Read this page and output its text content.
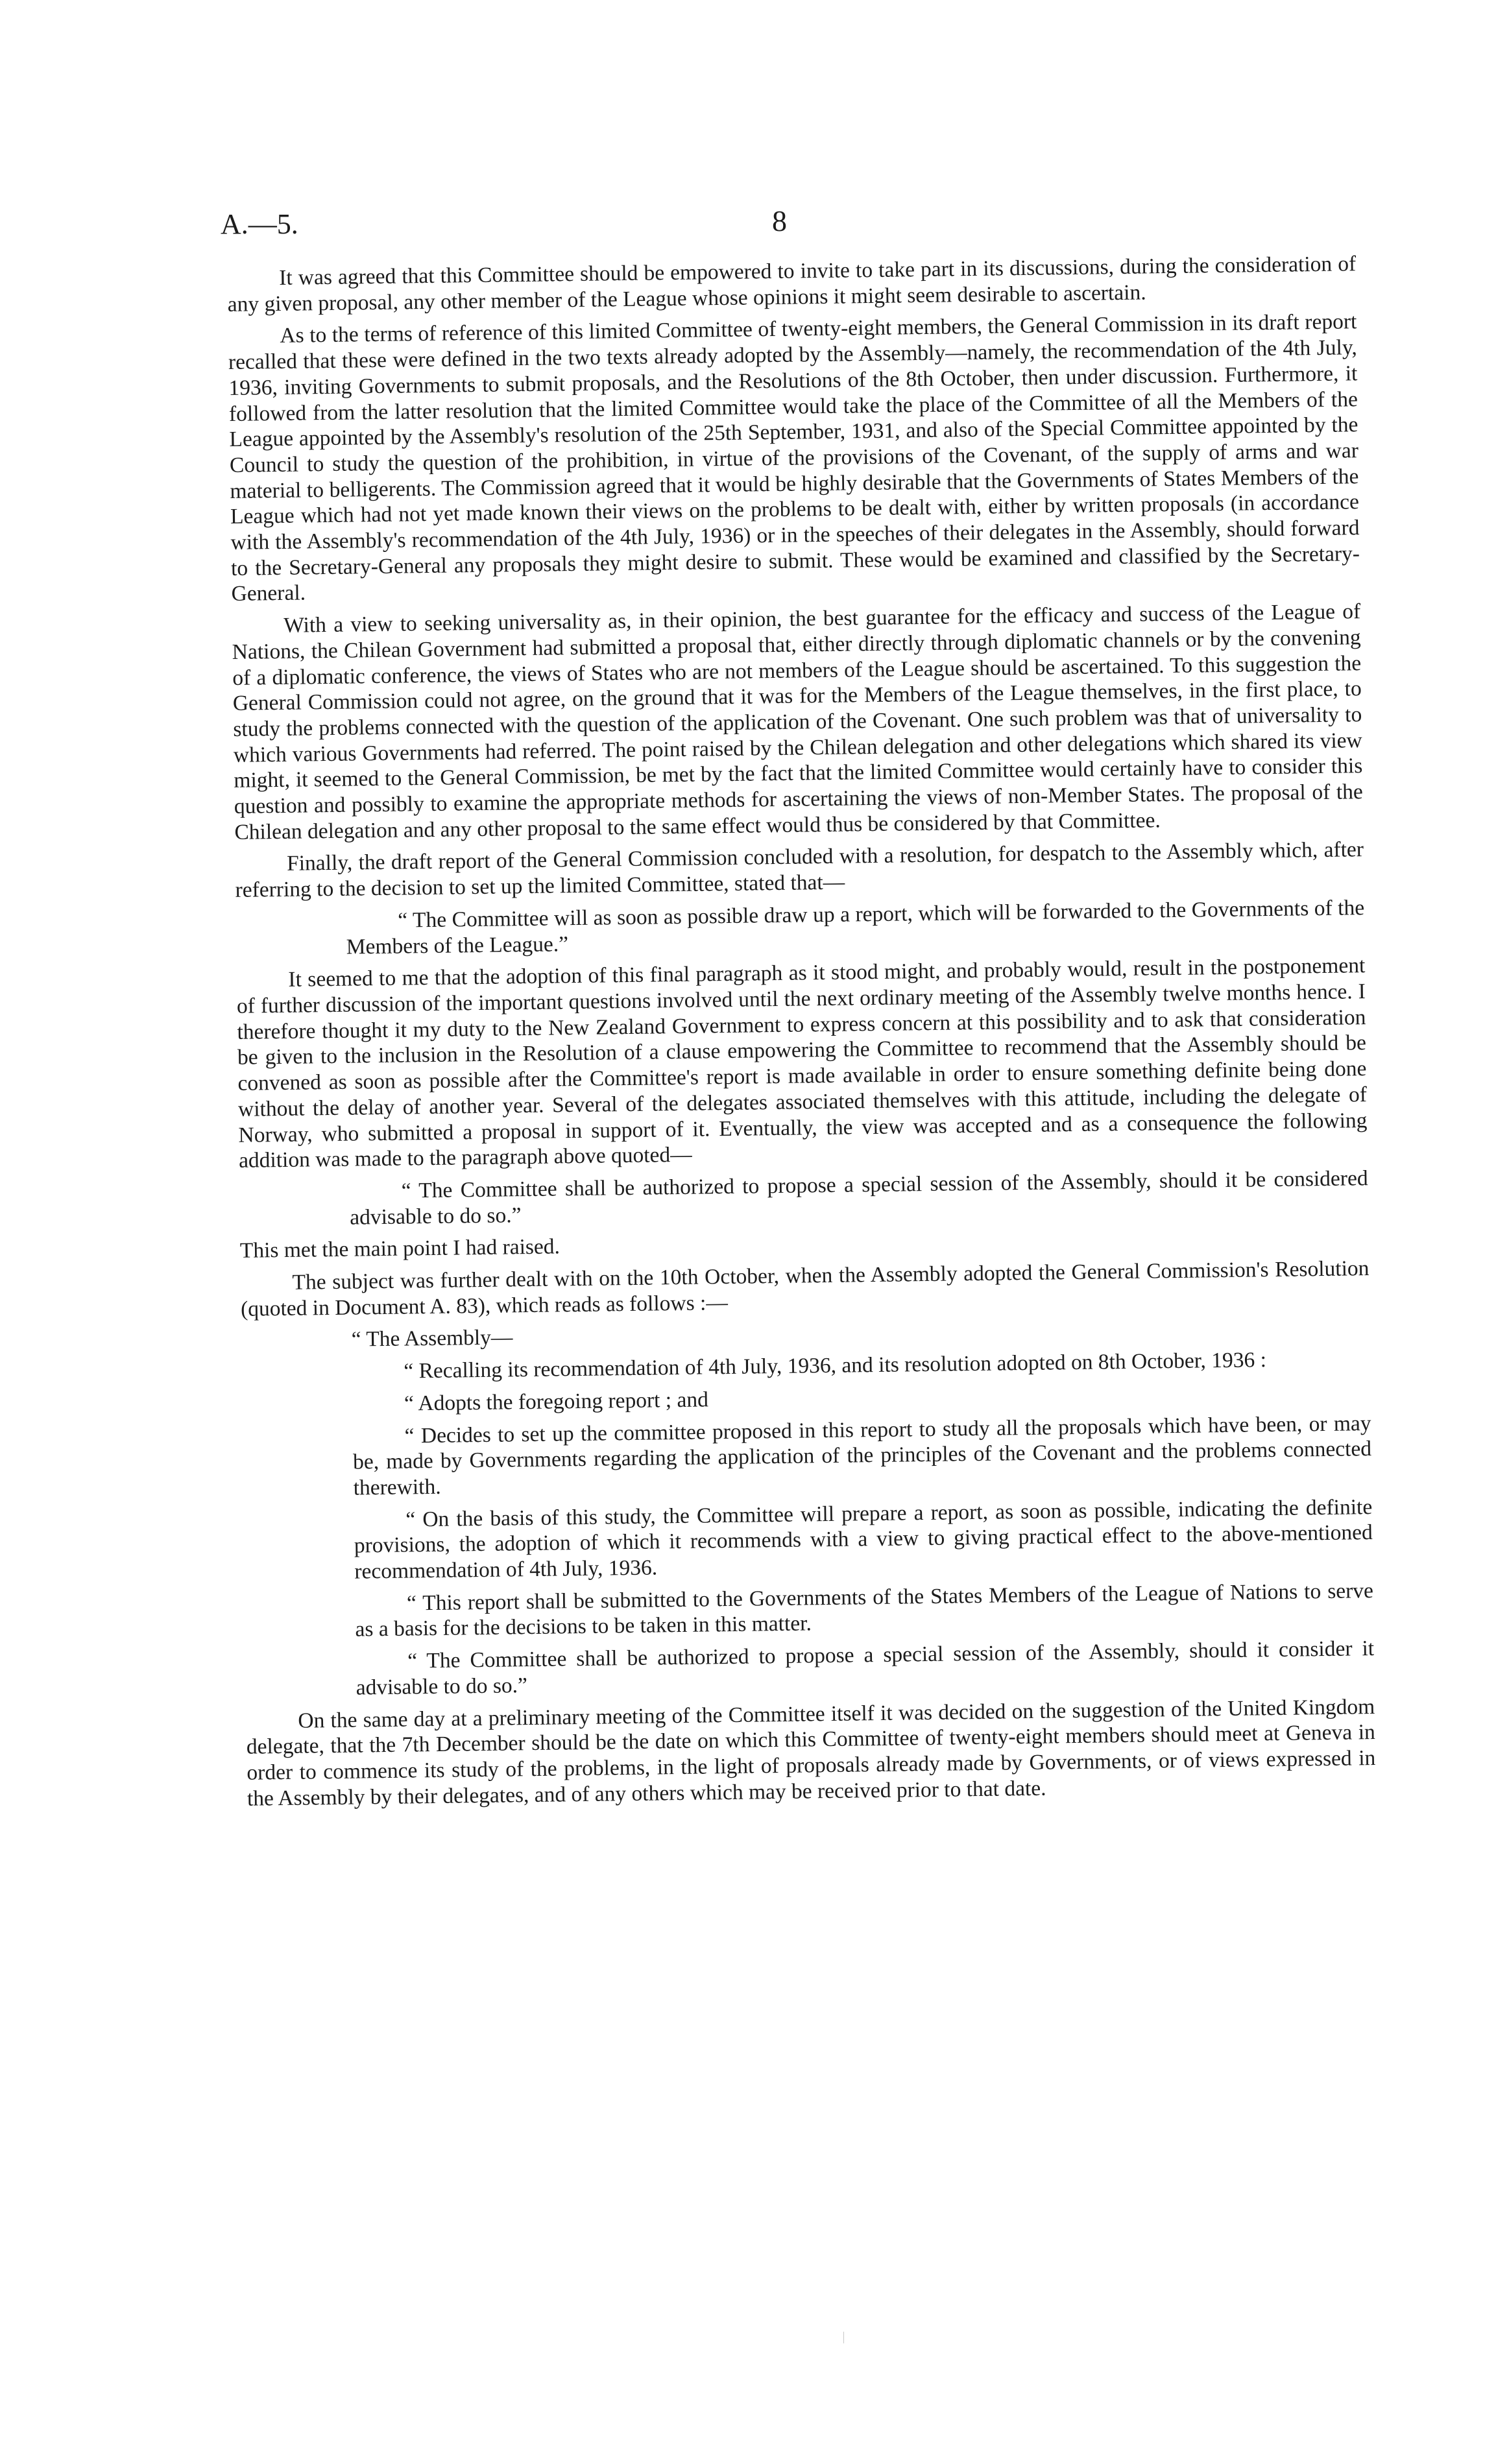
A.—5.	8

It was agreed that this Committee should be empowered to invite to take part in its discussions, during the consideration of any given proposal, any other member of the League whose opinions it might seem desirable to ascertain.

As to the terms of reference of this limited Committee of twenty-eight members, the General Commission in its draft report recalled that these were defined in the two texts already adopted by the Assembly—namely, the recommendation of the 4th July, 1936, inviting Governments to submit proposals, and the Resolutions of the 8th October, then under discussion. Furthermore, it followed from the latter resolution that the limited Committee would take the place of the Committee of all the Members of the League appointed by the Assembly's resolution of the 25th September, 1931, and also of the Special Committee appointed by the Council to study the question of the prohibition, in virtue of the provisions of the Covenant, of the supply of arms and war material to belligerents. The Commission agreed that it would be highly desirable that the Governments of States Members of the League which had not yet made known their views on the problems to be dealt with, either by written proposals (in accordance with the Assembly's recommendation of the 4th July, 1936) or in the speeches of their delegates in the Assembly, should forward to the Secretary-General any proposals they might desire to submit. These would be examined and classified by the Secretary-General.

With a view to seeking universality as, in their opinion, the best guarantee for the efficacy and success of the League of Nations, the Chilean Government had submitted a proposal that, either directly through diplomatic channels or by the convening of a diplomatic conference, the views of States who are not members of the League should be ascertained. To this suggestion the General Commission could not agree, on the ground that it was for the Members of the League themselves, in the first place, to study the problems connected with the question of the application of the Covenant. One such problem was that of universality to which various Governments had referred. The point raised by the Chilean delegation and other delegations which shared its view might, it seemed to the General Commission, be met by the fact that the limited Committee would certainly have to consider this question and possibly to examine the appropriate methods for ascertaining the views of non-Member States. The proposal of the Chilean delegation and any other proposal to the same effect would thus be considered by that Committee.

Finally, the draft report of the General Commission concluded with a resolution, for despatch to the Assembly which, after referring to the decision to set up the limited Committee, stated that—

“ The Committee will as soon as possible draw up a report, which will be forwarded to the Governments of the Members of the League.”

It seemed to me that the adoption of this final paragraph as it stood might, and probably would, result in the postponement of further discussion of the important questions involved until the next ordinary meeting of the Assembly twelve months hence. I therefore thought it my duty to the New Zealand Government to express concern at this possibility and to ask that consideration be given to the inclusion in the Resolution of a clause empowering the Committee to recommend that the Assembly should be convened as soon as possible after the Committee's report is made available in order to ensure something definite being done without the delay of another year. Several of the delegates associated themselves with this attitude, including the delegate of Norway, who submitted a proposal in support of it. Eventually, the view was accepted and as a consequence the following addition was made to the paragraph above quoted—

“ The Committee shall be authorized to propose a special session of the Assembly, should it be considered advisable to do so.”

This met the main point I had raised.

The subject was further dealt with on the 10th October, when the Assembly adopted the General Commission's Resolution (quoted in Document A. 83), which reads as follows :—

“ The Assembly—

“ Recalling its recommendation of 4th July, 1936, and its resolution adopted on 8th October, 1936 :

“ Adopts the foregoing report ; and

“ Decides to set up the committee proposed in this report to study all the proposals which have been, or may be, made by Governments regarding the application of the principles of the Covenant and the problems connected therewith.

“ On the basis of this study, the Committee will prepare a report, as soon as possible, indicating the definite provisions, the adoption of which it recommends with a view to giving practical effect to the above-mentioned recommendation of 4th July, 1936.

“ This report shall be submitted to the Governments of the States Members of the League of Nations to serve as a basis for the decisions to be taken in this matter.

“ The Committee shall be authorized to propose a special session of the Assembly, should it consider it advisable to do so.”

On the same day at a preliminary meeting of the Committee itself it was decided on the suggestion of the United Kingdom delegate, that the 7th December should be the date on which this Committee of twenty-eight members should meet at Geneva in order to commence its study of the problems, in the light of proposals already made by Governments, or of views expressed in the Assembly by their delegates, and of any others which may be received prior to that date.
